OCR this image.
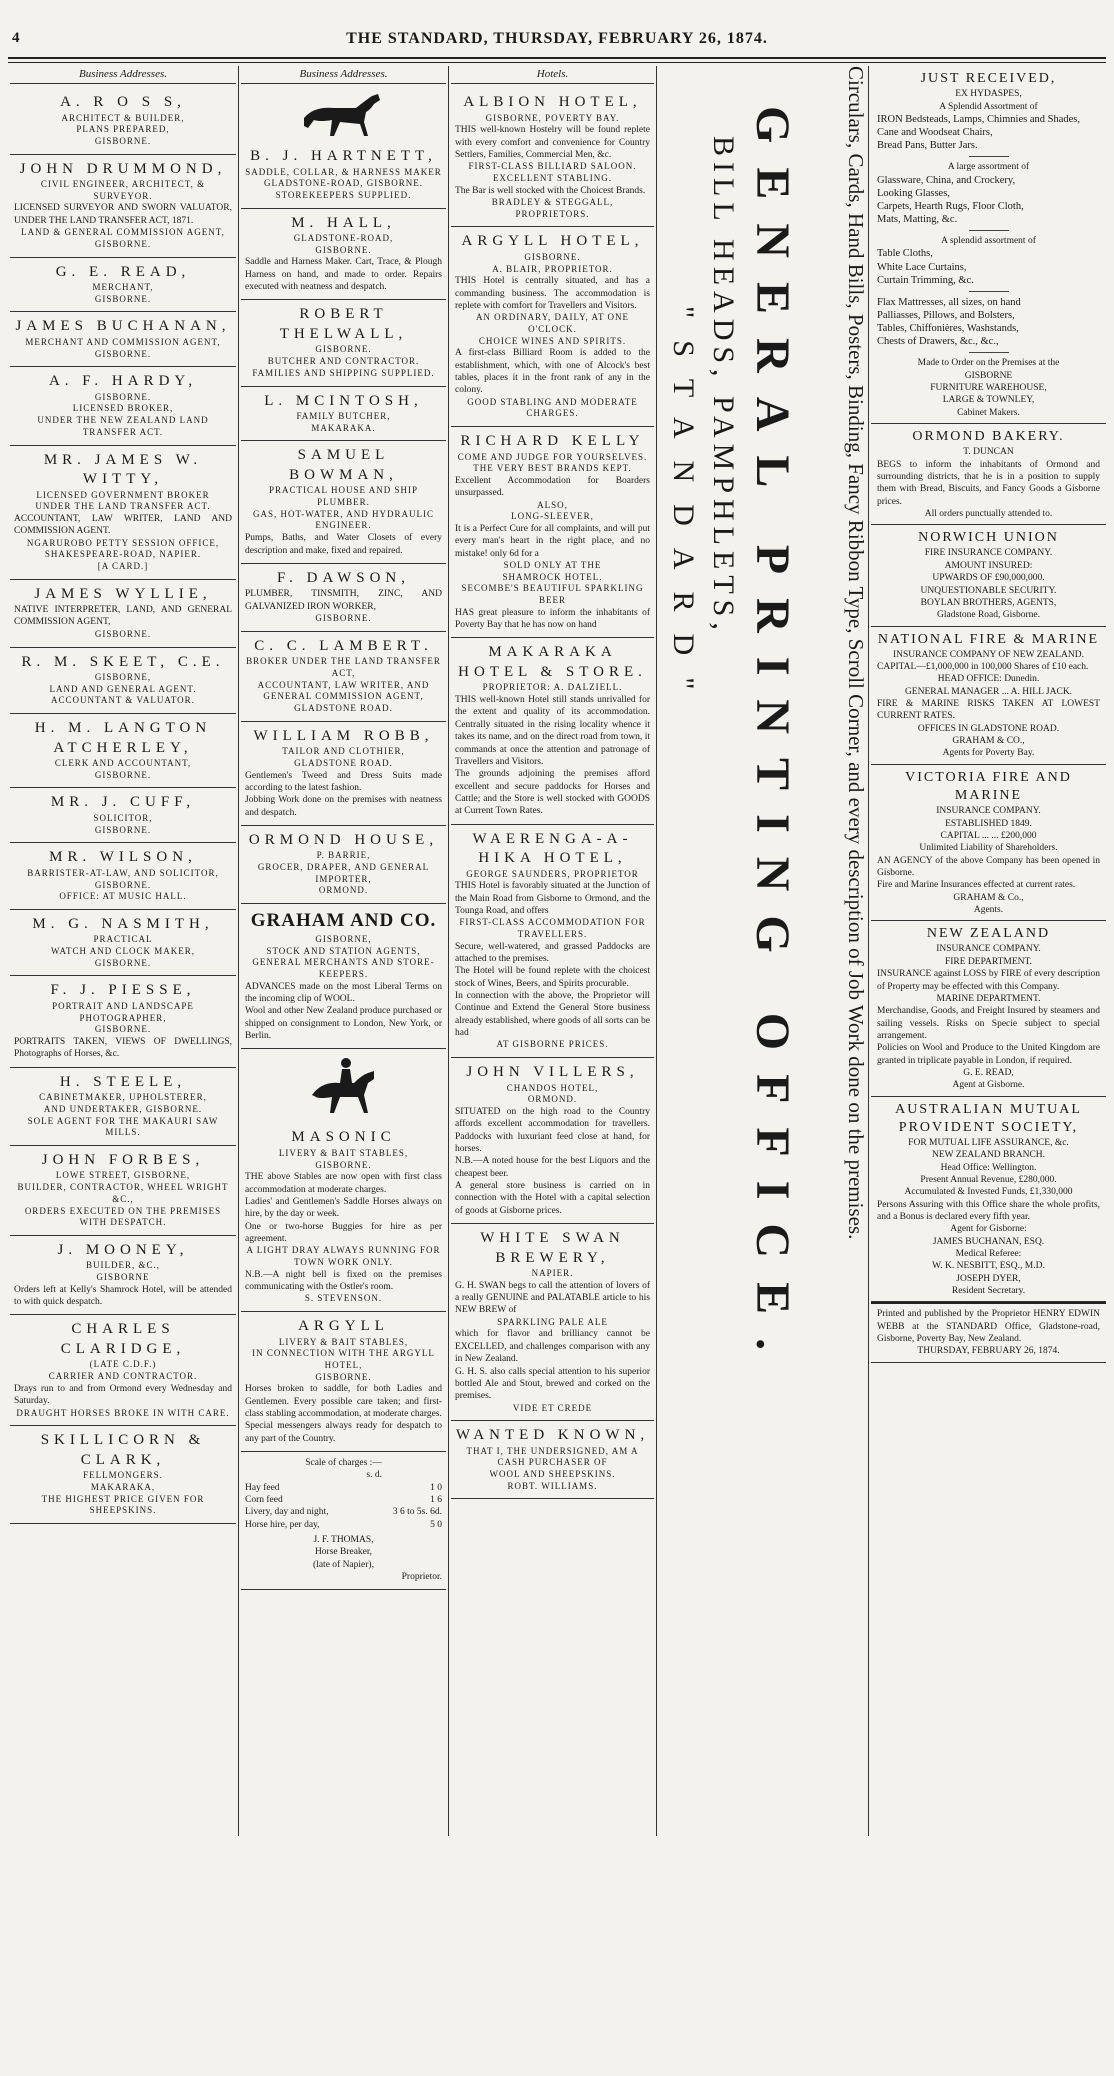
4	THE STANDARD, THURSDAY, FEBRUARY 26, 1874.
Business Addresses.
A. R O S S,
ARCHITECT & BUILDER,
PLANS PREPARED,
GISBORNE.
JOHN DRUMMOND,
CIVIL ENGINEER, ARCHITECT, &
SURVEYOR.
LICENSED SURVEYOR AND SWORN VALUATOR, UNDER THE LAND TRANSFER ACT, 1871.
LAND & GENERAL COMMISSION AGENT, GISBORNE.
G. E. READ,
MERCHANT,
GISBORNE.
JAMES BUCHANAN,
MERCHANT AND COMMISSION AGENT,
GISBORNE.
A. F. HARDY,
GISBORNE.
LICENSED BROKER,
UNDER THE NEW ZEALAND LAND TRANSFER ACT.
MR. JAMES W. WITTY,
LICENSED GOVERNMENT BROKER
UNDER THE LAND TRANSFER ACT.
ACCOUNTANT, LAW WRITER, LAND AND COMMISSION AGENT.
NGARUROBO PETTY SESSION OFFICE,
SHAKESPEARE-ROAD, NAPIER.
[A CARD.]
JAMES WYLLIE,
NATIVE INTERPRETER, LAND, AND GENERAL COMMISSION AGENT,
GISBORNE.
R. M. SKEET, C.E.
GISBORNE,
LAND AND GENERAL AGENT.
ACCOUNTANT & VALUATOR.
H. M. LANGTON ATCHERLEY,
CLERK AND ACCOUNTANT,
GISBORNE.
MR. J. CUFF,
SOLICITOR,
GISBORNE.
MR. WILSON,
BARRISTER-AT-LAW, AND SOLICITOR,
GISBORNE.
OFFICE: AT MUSIC HALL.
M. G. NASMITH,
PRACTICAL
WATCH AND CLOCK MAKER,
GISBORNE.
F. J. PIESSE,
PORTRAIT AND LANDSCAPE
PHOTOGRAPHER,
GISBORNE.
PORTRAITS TAKEN, VIEWS OF DWELLINGS, Photographs of Horses, &c.
H. STEELE,
CABINETMAKER, UPHOLSTERER,
AND UNDERTAKER, GISBORNE.
SOLE AGENT FOR THE MAKAURI SAW MILLS.
JOHN FORBES,
LOWE STREET, GISBORNE,
BUILDER, CONTRACTOR, WHEEL WRIGHT &C.,
ORDERS EXECUTED ON THE PREMISES WITH DESPATCH.
J. MOONEY,
BUILDER, &C.,
GISBORNE
Orders left at Kelly's Shamrock Hotel, will be attended to with quick despatch.
CHARLES CLARIDGE,
(LATE C.D.F.)
CARRIER AND CONTRACTOR.
Drays run to and from Ormond every Wednesday and Saturday.
DRAUGHT HORSES BROKE IN WITH CARE.
SKILLICORN & CLARK,
FELLMONGERS.
MAKARAKA,
THE HIGHEST PRICE GIVEN FOR SHEEPSKINS.
Business Addresses.
B. J. HARTNETT,
SADDLE, COLLAR, & HARNESS MAKER
GLADSTONE-ROAD, GISBORNE.
STOREKEEPERS SUPPLIED.
M. HALL,
GLADSTONE-ROAD,
GISBORNE.
Saddle and Harness Maker. Cart, Trace, & Plough Harness on hand, and made to order. Repairs executed with neatness and despatch.
ROBERT THELWALL,
GISBORNE.
BUTCHER AND CONTRACTOR.
FAMILIES AND SHIPPING SUPPLIED.
L. MCINTOSH,
FAMILY BUTCHER,
MAKARAKA.
SAMUEL BOWMAN,
PRACTICAL HOUSE AND SHIP PLUMBER.
GAS, HOT-WATER, AND HYDRAULIC ENGINEER.
Pumps, Baths, and Water Closets of every description and make, fixed and repaired.
F. DAWSON,
PLUMBER, TINSMITH, ZINC, AND GALVANIZED IRON WORKER,
GISBORNE.
C. C. LAMBERT.
BROKER UNDER THE LAND TRANSFER ACT,
ACCOUNTANT, LAW WRITER, AND
GENERAL COMMISSION AGENT,
GLADSTONE ROAD.
WILLIAM ROBB,
TAILOR AND CLOTHIER,
GLADSTONE ROAD.
Gentlemen's Tweed and Dress Suits made according to the latest fashion.
Jobbing Work done on the premises with neatness and despatch.
ORMOND HOUSE,
P. BARRIE,
GROCER, DRAPER, AND GENERAL IMPORTER,
ORMOND.
GRAHAM AND CO.
GISBORNE,
STOCK AND STATION AGENTS,
GENERAL MERCHANTS AND STORE-KEEPERS.
ADVANCES made on the most Liberal Terms on the incoming clip of WOOL.
Wool and other New Zealand produce purchased or shipped on consignment to London, New York, or Berlin.
MASONIC
LIVERY & BAIT STABLES,
GISBORNE.
THE above Stables are now open with first class accommodation at moderate charges.
Ladies' and Gentlemen's Saddle Horses always on hire, by the day or week.
One or two-horse Buggies for hire as per agreement.
A LIGHT DRAY ALWAYS RUNNING FOR TOWN WORK ONLY.
N.B.—A night bell is fixed on the premises communicating with the Ostler's room.
S. STEVENSON.
ARGYLL
LIVERY & BAIT STABLES,
IN CONNECTION WITH THE ARGYLL HOTEL,
GISBORNE.
Horses broken to saddle, for both Ladies and Gentlemen. Every possible care taken; and first-class stabling accommodation, at moderate charges.
Special messengers always ready for despatch to any part of the Country.
Scale of charges :—
s. d.
Hay feed	1 0
Corn feed	1 6
Livery, day and night,	3 6 to 5s. 6d.
Horse hire, per day,	5 0
J. F. THOMAS,
Horse Breaker,
(late of Napier),
Proprietor.
Hotels.
ALBION HOTEL,
GISBORNE, POVERTY BAY.
THIS well-known Hostelry will be found replete with every comfort and convenience for Country Settlers, Families, Commercial Men, &c.
FIRST-CLASS BILLIARD SALOON.
EXCELLENT STABLING.
The Bar is well stocked with the Choicest Brands.
BRADLEY & STEGGALL,
PROPRIETORS.
ARGYLL HOTEL,
GISBORNE.
A. BLAIR, PROPRIETOR.
THIS Hotel is centrally situated, and has a commanding business. The accommodation is replete with comfort for Travellers and Visitors.
AN ORDINARY, DAILY, AT ONE O'CLOCK.
CHOICE WINES AND SPIRITS.
A first-class Billiard Room is added to the establishment, which, with one of Alcock's best tables, places it in the front rank of any in the colony.
GOOD STABLING AND MODERATE CHARGES.
RICHARD KELLY
COME AND JUDGE FOR YOURSELVES.
THE VERY BEST BRANDS KEPT.
Excellent Accommodation for Boarders unsurpassed.
ALSO,
LONG-SLEEVER,
It is a Perfect Cure for all complaints, and will put every man's heart in the right place, and no mistake! only 6d for a
SOLD ONLY AT THE
SHAMROCK HOTEL.
SECOMBE'S BEAUTIFUL SPARKLING BEER
HAS great pleasure to inform the inhabitants of Poverty Bay that he has now on hand
MAKARAKA HOTEL & STORE.
PROPRIETOR: A. DALZIELL.
THIS well-known Hotel still stands unrivalled for the extent and quality of its accommodation. Centrally situated in the rising locality whence it takes its name, and on the direct road from town, it commands at once the attention and patronage of Travellers and Visitors.
The grounds adjoining the premises afford excellent and secure paddocks for Horses and Cattle; and the Store is well stocked with GOODS at Current Town Rates.
WAERENGA-A-HIKA HOTEL,
GEORGE SAUNDERS, PROPRIETOR
THIS Hotel is favorably situated at the Junction of the Main Road from Gisborne to Ormond, and the Tounga Road, and offers
FIRST-CLASS ACCOMMODATION FOR TRAVELLERS.
Secure, well-watered, and grassed Paddocks are attached to the premises.
The Hotel will be found replete with the choicest stock of Wines, Beers, and Spirits procurable.
In connection with the above, the Proprietor will Continue and Extend the General Store business already established, where goods of all sorts can be had
AT GISBORNE PRICES.
JOHN VILLERS,
CHANDOS HOTEL,
ORMOND.
SITUATED on the high road to the Country affords excellent accommodation for travellers. Paddocks with luxuriant feed close at hand, for horses.
N.B.—A noted house for the best Liquors and the cheapest beer.
A general store business is carried on in connection with the Hotel with a capital selection of goods at Gisborne prices.
WHITE SWAN BREWERY,
NAPIER.
G. H. SWAN begs to call the attention of lovers of a really GENUINE and PALATABLE article to his NEW BREW of
SPARKLING PALE ALE
which for flavor and brilliancy cannot be EXCELLED, and challenges comparison with any in New Zealand.
G. H. S. also calls special attention to his superior bottled Ale and Stout, brewed and corked on the premises.
VIDE ET CREDE
WANTED KNOWN,
THAT I, THE UNDERSIGNED, AM A CASH PURCHASER OF
WOOL AND SHEEPSKINS.
ROBT. WILLIAMS.
Circulars, Cards, Hand Bills, Posters, Binding, Fancy Ribbon Type, Scroll Corner, and every description of Job Work done on the premises.
GENERAL PRINTING OFFICE.
BILL HEADS, PAMPHLETS,
"STANDARD"
JUST RECEIVED,
EX HYDASPES,
A Splendid Assortment of
IRON Bedsteads, Lamps, Chimnies and Shades,
Cane and Woodseat Chairs,
Bread Pans, Butter Jars.
A large assortment of
Glassware, China, and Crockery,
Looking Glasses,
Carpets, Hearth Rugs, Floor Cloth,
Mats, Matting, &c.
A splendid assortment of
Table Cloths,
White Lace Curtains,
Curtain Trimming, &c.
Flax Mattresses, all sizes, on hand
Palliasses, Pillows, and Bolsters,
Tables, Chiffonières, Washstands,
Chests of Drawers, &c., &c.,
Made to Order on the Premises at the
GISBORNE
FURNITURE WAREHOUSE,
LARGE & TOWNLEY,
Cabinet Makers.
ORMOND BAKERY.
T. DUNCAN
BEGS to inform the inhabitants of Ormond and surrounding districts, that he is in a position to supply them with Bread, Biscuits, and Fancy Goods a Gisborne prices.
All orders punctually attended to.
NORWICH UNION
FIRE INSURANCE COMPANY.
AMOUNT INSURED:
UPWARDS OF £90,000,000.
UNQUESTIONABLE SECURITY.
BOYLAN BROTHERS, AGENTS,
Gladstone Road, Gisborne.
NATIONAL FIRE & MARINE
INSURANCE COMPANY OF NEW ZEALAND.
CAPITAL—£1,000,000 in 100,000 Shares of £10 each.
HEAD OFFICE: Dunedin.
GENERAL MANAGER ... A. HILL JACK.
FIRE & MARINE RISKS TAKEN AT LOWEST CURRENT RATES.
OFFICES IN GLADSTONE ROAD.
GRAHAM & CO.,
Agents for Poverty Bay.
VICTORIA FIRE AND MARINE
INSURANCE COMPANY.
ESTABLISHED 1849.
CAPITAL ... ... £200,000
Unlimited Liability of Shareholders.
AN AGENCY of the above Company has been opened in Gisborne.
Fire and Marine Insurances effected at current rates.
GRAHAM & Co.,
Agents.
NEW ZEALAND
INSURANCE COMPANY.
FIRE DEPARTMENT.
INSURANCE against LOSS by FIRE of every description of Property may be effected with this Company.
MARINE DEPARTMENT.
Merchandise, Goods, and Freight Insured by steamers and sailing vessels. Risks on Specie subject to special arrangement.
Policies on Wool and Produce to the United Kingdom are granted in triplicate payable in London, if required.
G. E. READ,
Agent at Gisborne.
AUSTRALIAN MUTUAL PROVIDENT SOCIETY,
FOR MUTUAL LIFE ASSURANCE, &c.
NEW ZEALAND BRANCH.
Head Office: Wellington.
Present Annual Revenue, £280,000.
Accumulated & Invested Funds, £1,330,000
Persons Assuring with this Office share the whole profits, and a Bonus is declared every fifth year.
Agent for Gisborne:
JAMES BUCHANAN, ESQ.
Medical Referee:
W. K. NESBITT, ESQ., M.D.
JOSEPH DYER,
Resident Secretary.
Printed and published by the Proprietor HENRY EDWIN WEBB at the STANDARD Office, Gladstone-road, Gisborne, Poverty Bay, New Zealand.
THURSDAY, FEBRUARY 26, 1874.
